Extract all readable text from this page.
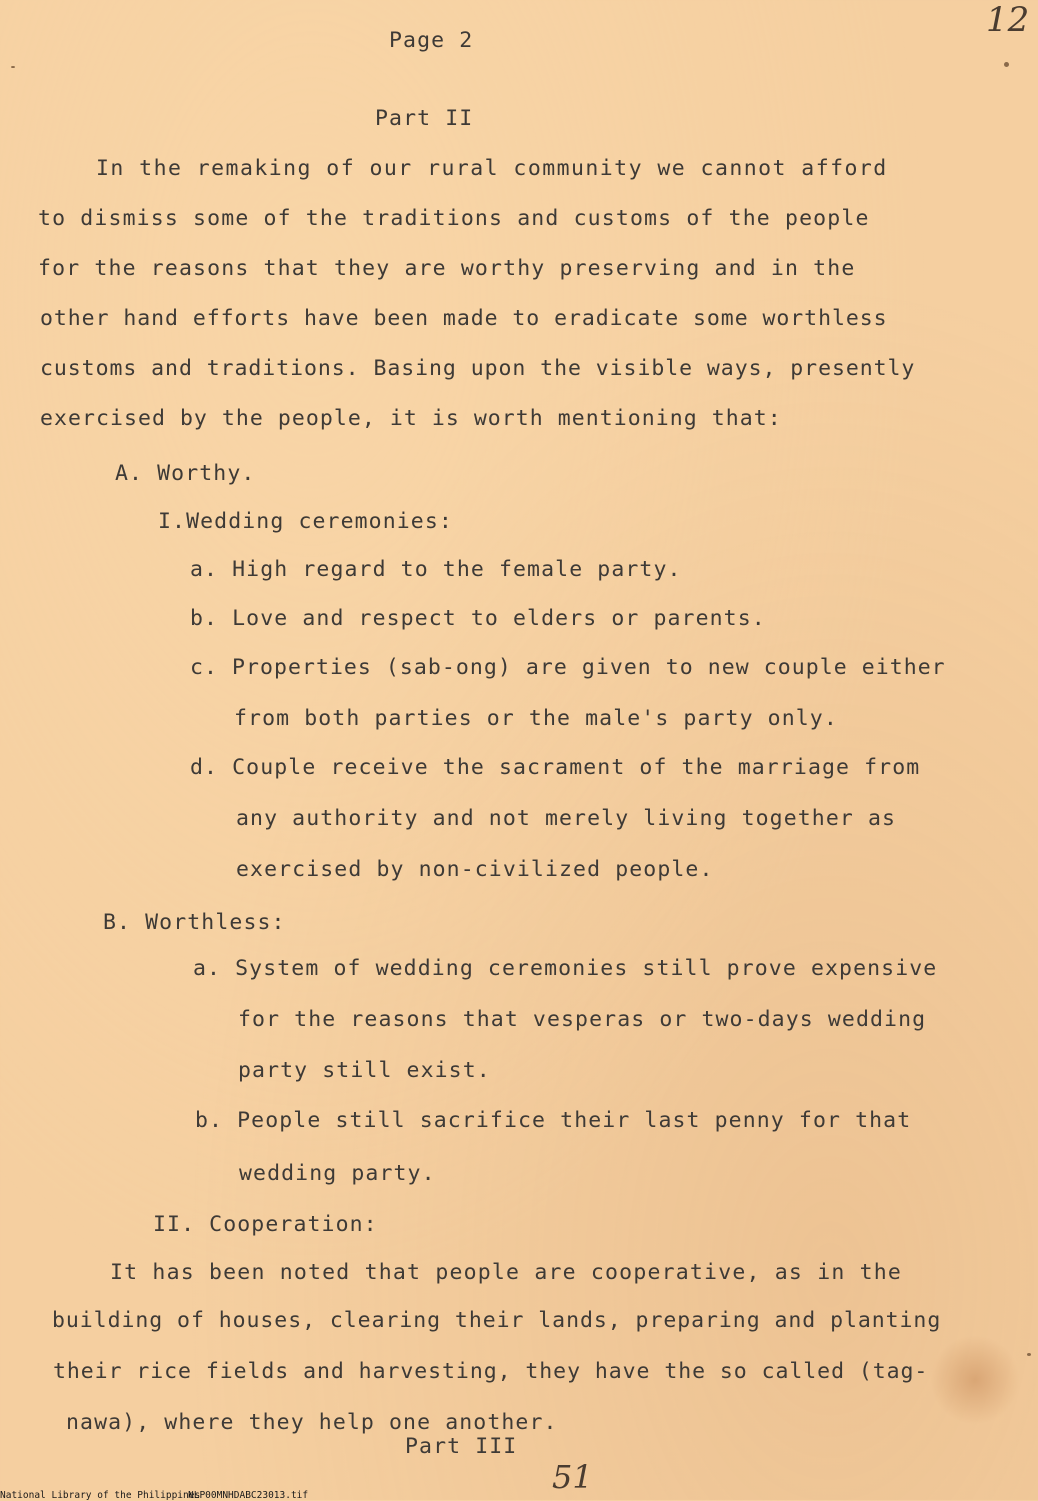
Page 2
12
Part II
In the remaking of our rural community we cannot afford
to dismiss some of the traditions and customs of the people
for the reasons that they are worthy preserving and in the
other hand efforts have been made to eradicate some worthless
customs and traditions. Basing upon the visible ways, presently
exercised by the people, it is worth mentioning that:
A. Worthy.
I.Wedding ceremonies:
a. High regard to the female party.
b. Love and respect to elders or parents.
c. Properties (sab-ong) are given to new couple either
from both parties or the male's party only.
d. Couple receive the sacrament of the marriage from
any authority and not merely living together as
exercised by non-civilized people.
B. Worthless:
a. System of wedding ceremonies still prove expensive
for the reasons that vesperas or two-days wedding
party still exist.
b. People still sacrifice their last penny for that
wedding party.
II. Cooperation:
It has been noted that people are cooperative, as in the
building of houses, clearing their lands, preparing and planting
their rice fields and harvesting, they have the so called (tag-
nawa), where they help one another.
Part III
51
National Library of the Philippines
NLP00MNHDABC23013.tif
